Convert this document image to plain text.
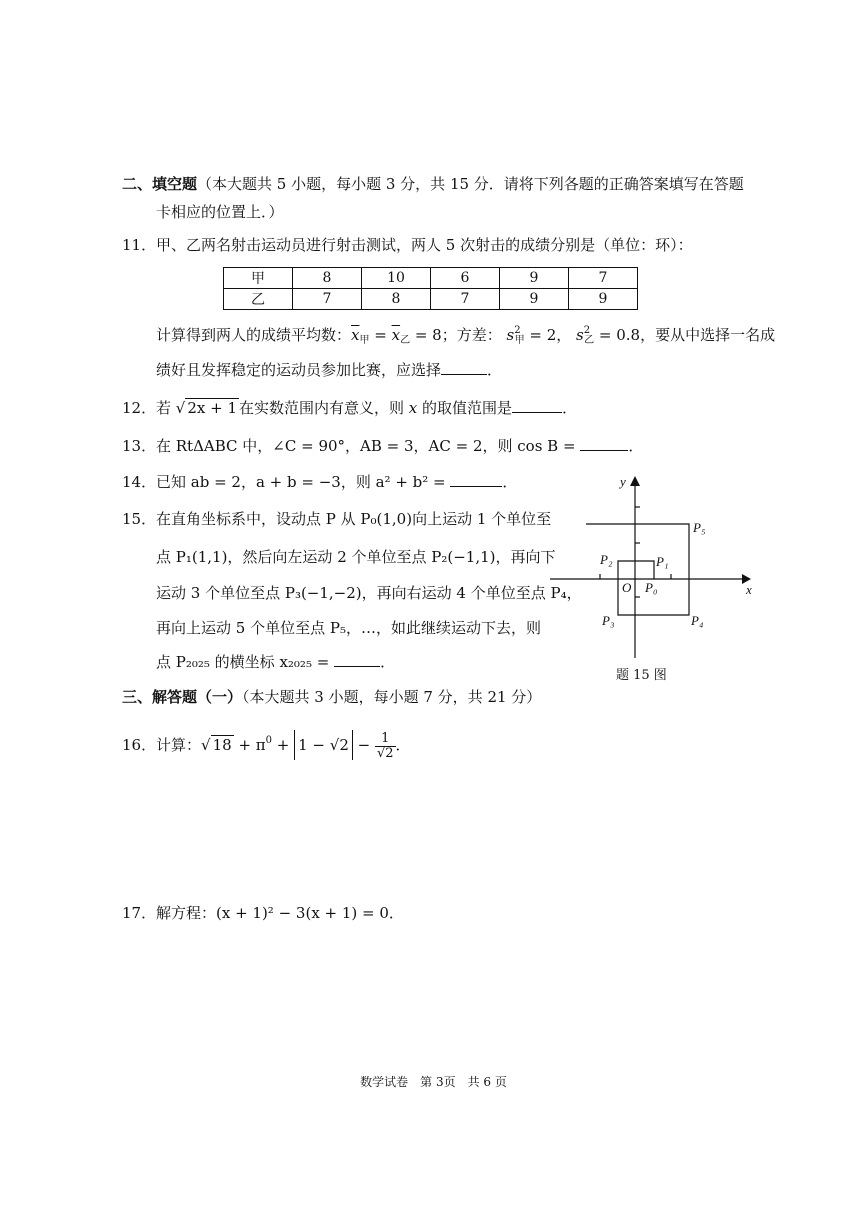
二、填空题（本大题共 5 小题，每小题 3 分，共 15 分．请将下列各题的正确答案填写在答题
卡相应的位置上．）
11．甲、乙两名射击运动员进行射击测试，两人 5 次射击的成绩分别是（单位：环）：
甲	8	10	6	9	7
乙	7	8	7	9	9
计算得到两人的成绩平均数：$\overline{x}_甲 = \overline{x}_乙 = 8$；方差： $s^2_甲 = 2$， $s^2_乙 = 0.8$，要从中选择一名成
绩好且发挥稳定的运动员参加比赛，应选择	．
12．若 √ 2x + 1 在实数范围内有意义，则 x 的取值范围是	．
13．在 RtΔABC 中，∠C = 90°，AB = 3，AC = 2，则 cos B =	．
14．已知 ab = 2，a + b = −3，则 a² + b² =	．
15．在直角坐标系中，设动点 P 从 P₀(1,0)向上运动 1 个单位至
点 P₁(1,1)，然后向左运动 2 个单位至点 P₂(−1,1)，再向下
运动 3 个单位至点 P₃(−1,−2)，再向右运动 4 个单位至点 P₄，
再向上运动 5 个单位至点 P₅，…，如此继续运动下去，则
点 P₂₀₂₅ 的横坐标 x₂₀₂₅ =	．
x
y
O P₀
P₁
P₂
P₃	P₄
P₅
题 15 图
三、解答题（一）（本大题共 3 小题，每小题 7 分，共 21 分）
16．计算：√ $18 + \pi^0 + 1 - √2 - \frac{1}{√2}$ ．
17．解方程：(x + 1)² − 3(x + 1) = 0．
数学试卷　第 3页　共 6 页
